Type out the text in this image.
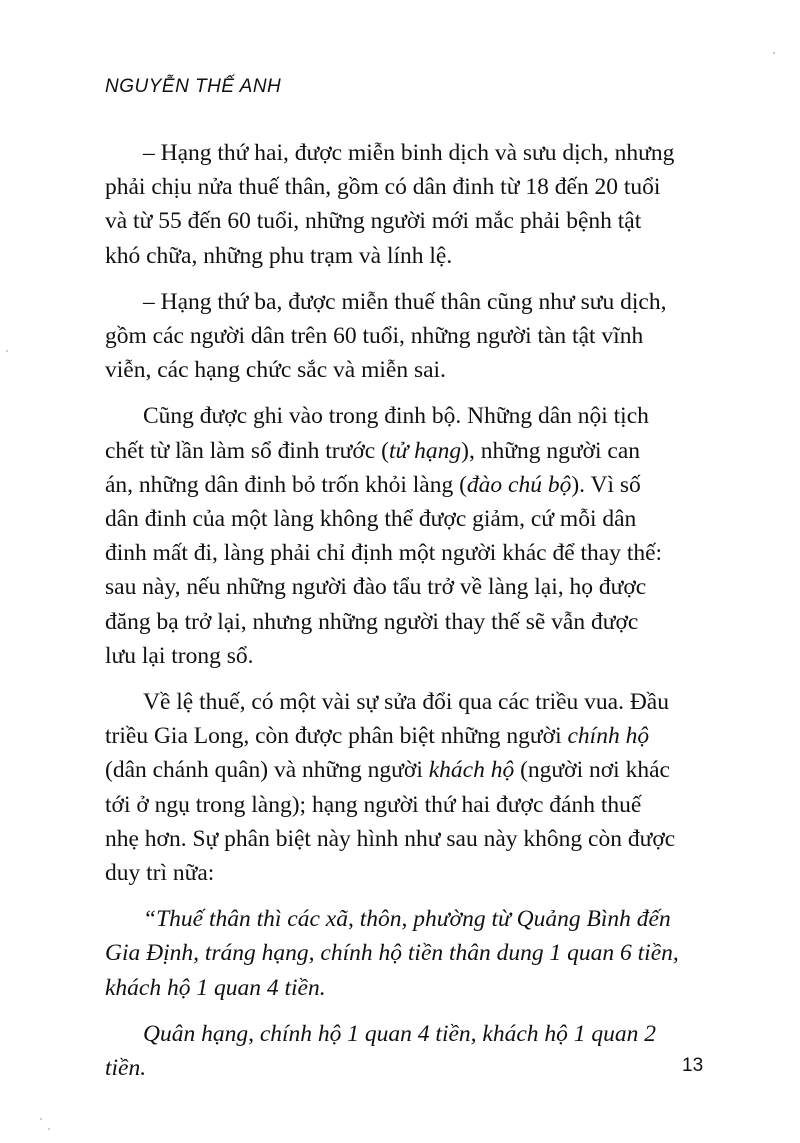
NGUYỄN THẾ ANH

– Hạng thứ hai, được miễn binh dịch và sưu dịch, nhưng
phải chịu nửa thuế thân, gồm có dân đinh từ 18 đến 20 tuổi
và từ 55 đến 60 tuổi, những người mới mắc phải bệnh tật
khó chữa, những phu trạm và lính lệ.

– Hạng thứ ba, được miễn thuế thân cũng như sưu dịch,
gồm các người dân trên 60 tuổi, những người tàn tật vĩnh
viễn, các hạng chức sắc và miễn sai.

Cũng được ghi vào trong đinh bộ. Những dân nội tịch
chết từ lần làm sổ đinh trước (tử hạng), những người can
án, những dân đinh bỏ trốn khỏi làng (đào chú bộ). Vì số
dân đinh của một làng không thể được giảm, cứ mỗi dân
đinh mất đi, làng phải chỉ định một người khác để thay thế:
sau này, nếu những người đào tẩu trở về làng lại, họ được
đăng bạ trở lại, nhưng những người thay thế sẽ vẫn được
lưu lại trong sổ.

Về lệ thuế, có một vài sự sửa đổi qua các triều vua. Đầu
triều Gia Long, còn được phân biệt những người chính hộ
(dân chánh quân) và những người khách hộ (người nơi khác
tới ở ngụ trong làng); hạng người thứ hai được đánh thuế
nhẹ hơn. Sự phân biệt này hình như sau này không còn được
duy trì nữa:

“Thuế thân thì các xã, thôn, phường từ Quảng Bình đến
Gia Định, tráng hạng, chính hộ tiền thân dung 1 quan 6 tiền,
khách hộ 1 quan 4 tiền.

Quân hạng, chính hộ 1 quan 4 tiền, khách hộ 1 quan 2
tiền.	13
